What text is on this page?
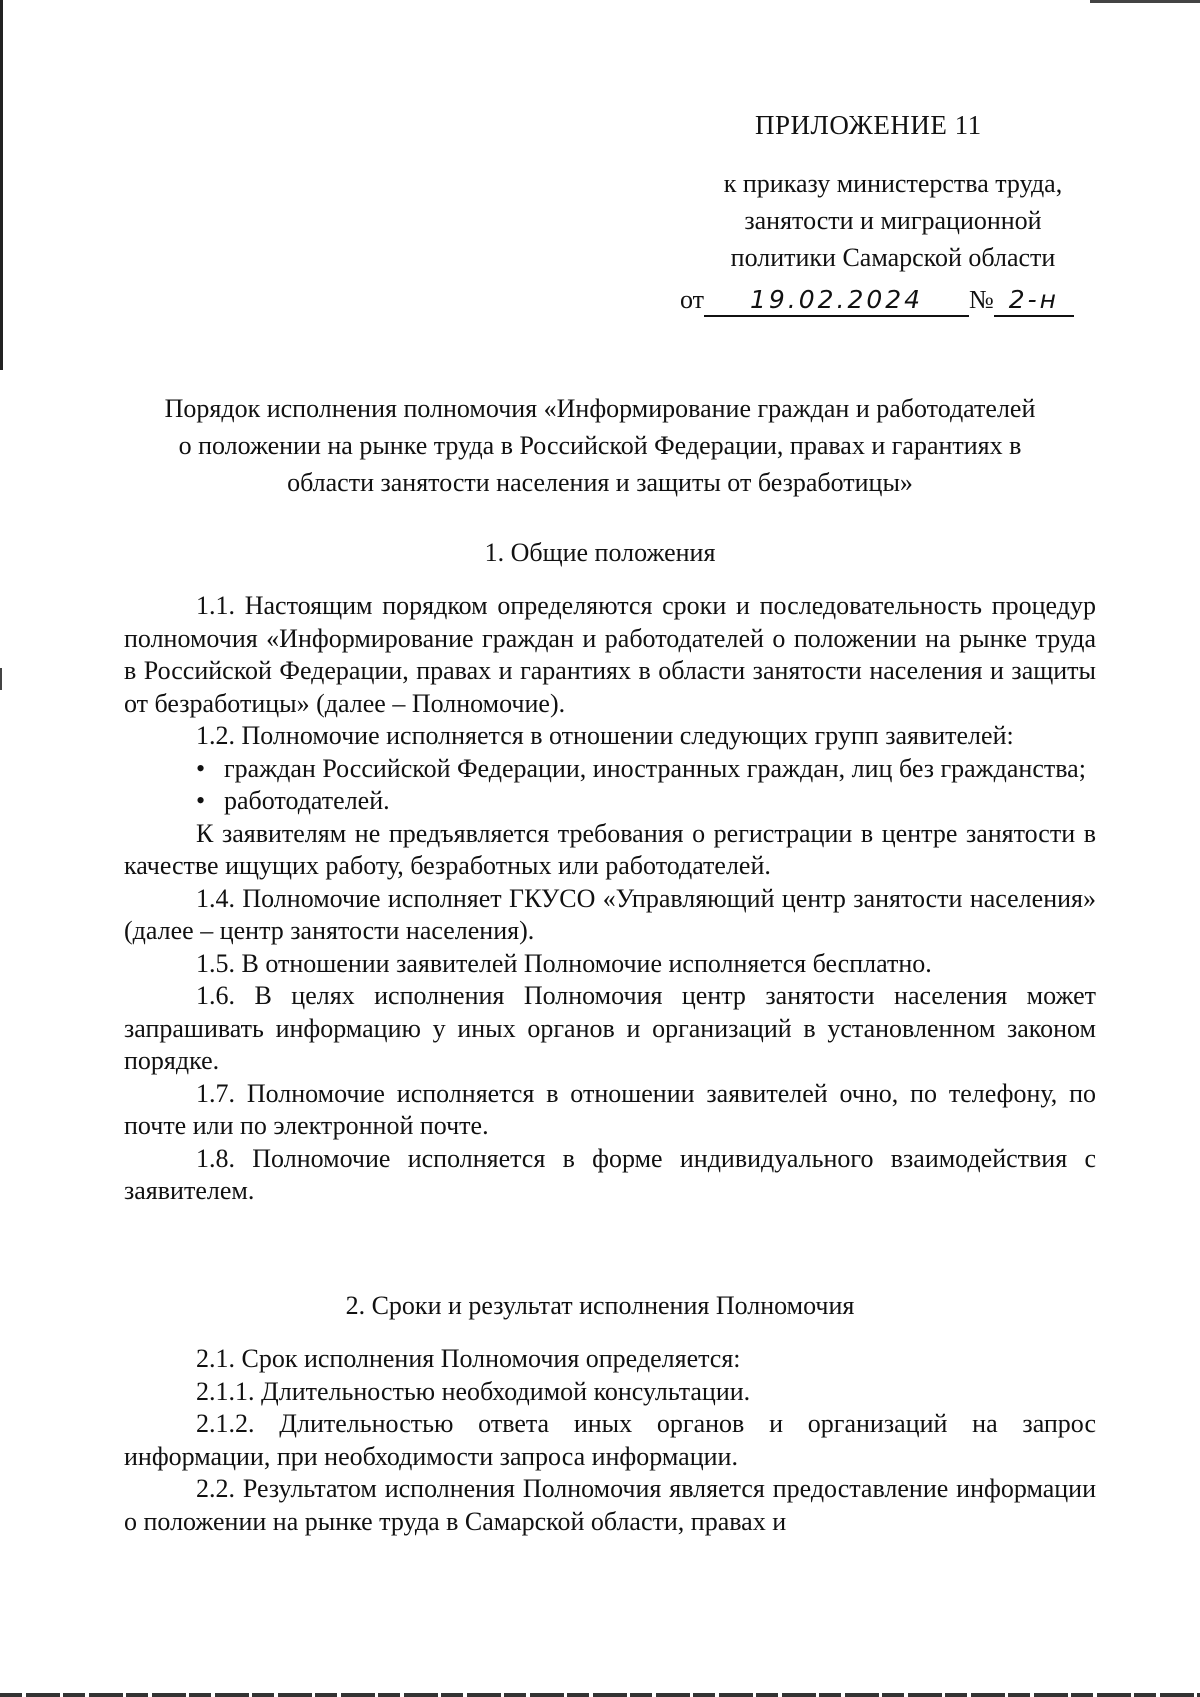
ПРИЛОЖЕНИЕ 11
к приказу министерства труда,
занятости и миграционной
политики Самарской области
от 19.02.2024 № 2-н
Порядок исполнения полномочия «Информирование граждан и работодателей
о положении на рынке труда в Российской Федерации, правах и гарантиях в
области занятости населения и защиты от безработицы»
1. Общие положения

1.1. Настоящим порядком определяются сроки и последовательность процедур полномочия «Информирование граждан и работодателей о положении на рынке труда в Российской Федерации, правах и гарантиях в области занятости населения и защиты от безработицы» (далее – Полномочие).

1.2. Полномочие исполняется в отношении следующих групп заявителей:

• граждан Российской Федерации, иностранных граждан, лиц без гражданства;
• работодателей.

К заявителям не предъявляется требования о регистрации в центре занятости в качестве ищущих работу, безработных или работодателей.

1.4. Полномочие исполняет ГКУСО «Управляющий центр занятости населения» (далее – центр занятости населения).

1.5. В отношении заявителей Полномочие исполняется бесплатно.

1.6. В целях исполнения Полномочия центр занятости населения может запрашивать информацию у иных органов и организаций в установленном законом порядке.

1.7. Полномочие исполняется в отношении заявителей очно, по телефону, по почте или по электронной почте.

1.8. Полномочие исполняется в форме индивидуального взаимодействия с заявителем.

2. Сроки и результат исполнения Полномочия

2.1. Срок исполнения Полномочия определяется:

2.1.1. Длительностью необходимой консультации.

2.1.2. Длительностью ответа иных органов и организаций на запрос информации, при необходимости запроса информации.

2.2. Результатом исполнения Полномочия является предоставление информации о положении на рынке труда в Самарской области, правах и
